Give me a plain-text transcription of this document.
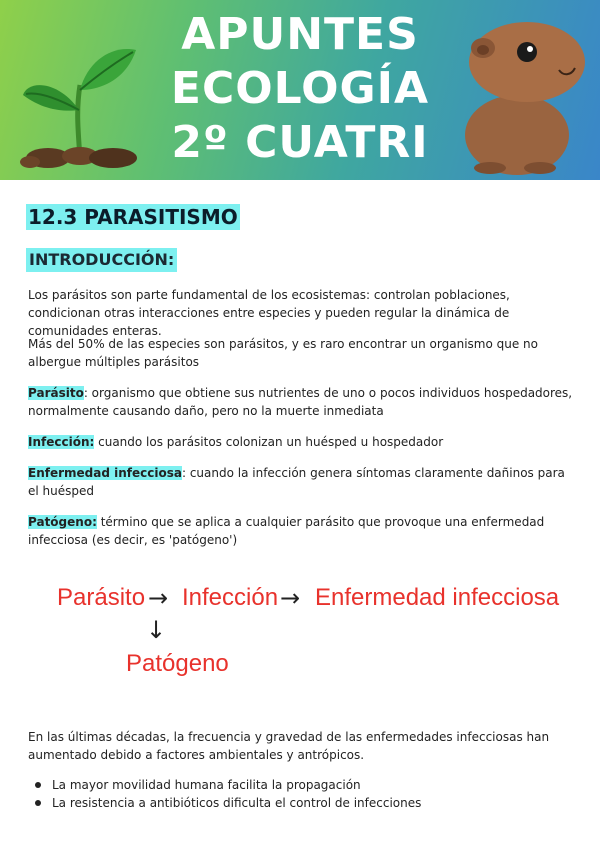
APUNTES
ECOLOGÍA
2º CUATRI
12.3 PARASITISMO
INTRODUCCIÓN:

Los parásitos son parte fundamental de los ecosistemas: controlan poblaciones, condicionan otras interacciones entre especies y pueden regular la dinámica de comunidades enteras.

Más del 50% de las especies son parásitos, y es raro encontrar un organismo que no albergue múltiples parásitos

Parásito: organismo que obtiene sus nutrientes de uno o pocos individuos hospedadores, normalmente causando daño, pero no la muerte inmediata

Infección: cuando los parásitos colonizan un huésped u hospedador

Enfermedad infecciosa: cuando la infección genera síntomas claramente dañinos para el huésped

Patógeno: término que se aplica a cualquier parásito que provoque una enfermedad infecciosa (es decir, es 'patógeno')

Parásito → Infección → Enfermedad infecciosa
↓
Patógeno

En las últimas décadas, la frecuencia y gravedad de las enfermedades infecciosas han aumentado debido a factores ambientales y antrópicos.

La mayor movilidad humana facilita la propagación
La resistencia a antibióticos dificulta el control de infecciones
